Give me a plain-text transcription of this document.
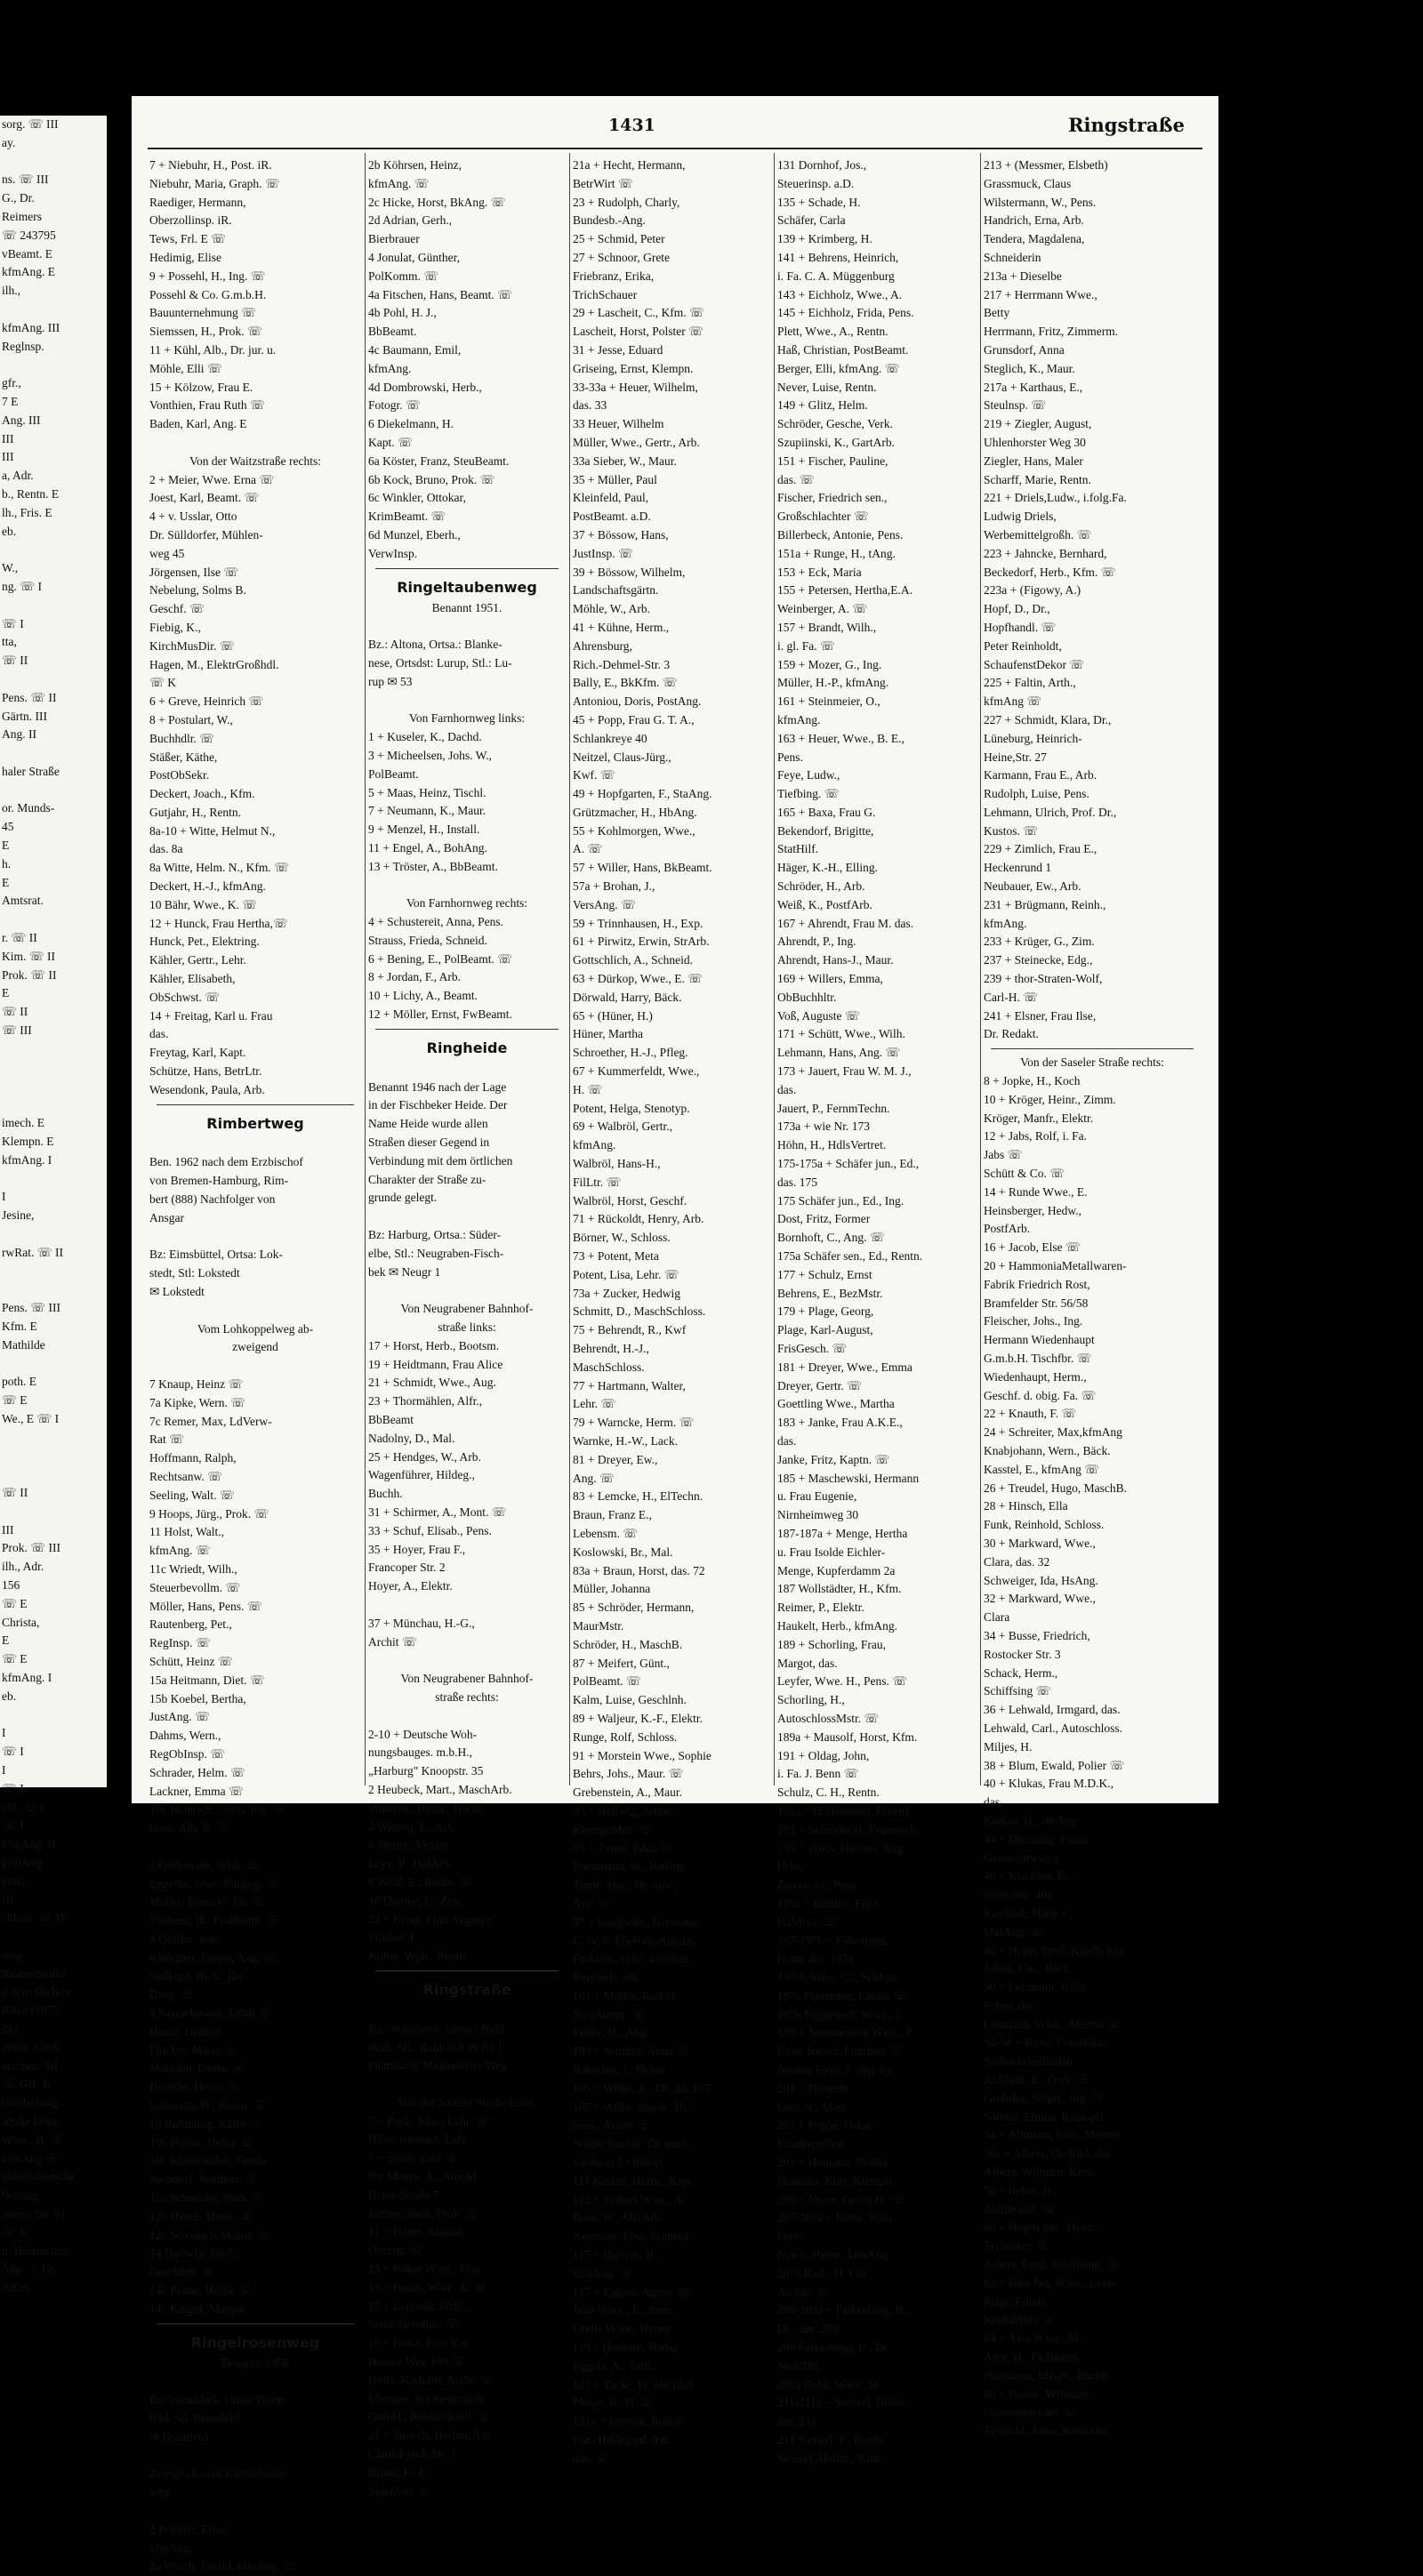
sorg. ☏ III
ay.

ns. ☏ III
G., Dr.
Reimers
☏ 243795
vBeamt. E
kfmAng. E
ilh.,

kfmAng. III
Reglnsp.

gfr.,
7 E
Ang. III
III
III
a, Adr.
b., Rentn. E
lh., Fris. E
eb.

W.,
ng. ☏ I

☏ I
tta,
☏ II

Pens. ☏ II
Gärtn. III
Ang. II

haler Straße

or. Munds-
45
E
h.
E
Amtsrat.

r. ☏ II
Kim. ☏ II
Prok. ☏ II
E
☏ II
☏ III

imech. E
Klempn. E
kfmAng. I

I
Jesine,

rwRat. ☏ II

Pens. ☏ III
Kfm. E
Mathilde

poth. E
☏ E
We., E ☏ I

☏ II

III
Prok. ☏ III
ilh., Adr.
156
☏ E
Christa,
E
☏ E
kfmAng. I
eb.

I
☏ I
I
☏ I
aD. ☏ I
☏ I
kfmAng. II
kfmAng.
phil.,
III
chloss. ☏ IV

weg
Raabe-Straße
n dem Dichter
Rilke (1875
26).
rtsdst: Groß-
arschen, Stl.:
☏ Gfl. 1.
illenhölweg
straße links:
Wwe., B. ☏
kfmAng ☏
ahnöfsdeutsche
beitung
ssener Str. 91
☏ E
u. Helene,das.
Johs., i. Fa.
itztler
1431	Ringstraße
7 + Niebuhr, H., Post. iR.
Niebuhr, Maria, Graph. ☏
Raediger, Hermann,
Oberzollinsp. iR.
Tews, Frl. E ☏
Hedimig, Elise
9 + Possehl, H., Ing. ☏
Possehl & Co. G.m.b.H.
Bauunternehmung ☏
Siemssen, H., Prok. ☏
11 + Kühl, Alb., Dr. jur. u.
Möhle, Elli ☏
15 + Kölzow, Frau E.
Vonthien, Frau Ruth ☏
Baden, Karl, Ang. E

Von der Waitzstraße rechts:
2 + Meier, Wwe. Erna ☏
Joest, Karl, Beamt. ☏
4 + v. Usslar, Otto
Dr. Sülldorfer, Mühlen-
weg 45
Jörgensen, Ilse ☏
Nebelung, Solms B.
Geschf. ☏
Fiebig, K.,
KirchMusDir. ☏
Hagen, M., ElektrGroßhdl.
☏ K
6 + Greve, Heinrich ☏
8 + Postulart, W.,
Buchhdlr. ☏
Stäßer, Käthe,
PostObSekr.
Deckert, Joach., Kfm.
Gutjahr, H., Rentn.
8a-10 + Witte, Helmut N.,
das. 8a
8a Witte, Helm. N., Kfm. ☏
Deckert, H.-J., kfmAng.
10 Bähr, Wwe., K. ☏
12 + Hunck, Frau Hertha,☏
Hunck, Pet., Elektring.
Kähler, Gertr., Lehr.
Kähler, Elisabeth,
ObSchwst. ☏
14 + Freitag, Karl u. Frau
das.
Freytag, Karl, Kapt.
Schütze, Hans, BetrLtr.
Wesendonk, Paula, Arb.
Rimbertweg

Ben. 1962 nach dem Erzbischof
von Bremen-Hamburg, Rim-
bert (888) Nachfolger von
Ansgar

Bz: Eimsbüttel, Ortsa: Lok-
stedt, Stl: Lokstedt
✉ Lokstedt

Vom Lohkoppelweg ab-
zweigend

7 Knaup, Heinz ☏
7a Kipke, Wern. ☏
7c Remer, Max, LdVerw-
Rat ☏
Hoffmann, Ralph,
Rechtsanw. ☏
Seeling, Walt. ☏
9 Hoops, Jürg., Prok. ☏
11 Holst, Walt.,
kfmAng. ☏
11c Wriedt, Wilh.,
Steuerbevollm. ☏
Möller, Hans, Pens. ☏
Rautenberg, Pet.,
RegInsp. ☏
Schütt, Heinz ☏
15a Heitmann, Diet. ☏
15b Koebel, Bertha,
JustAng. ☏
Dahms, Wern.,
RegObInsp. ☏
Schrader, Helm. ☏
Lackner, Emma ☏
15c Heinrich, Conr., Ing. ☏
Gass, Alb. B. ☏

2 Godemann, Wilh. ☏
Engelke, Uwe, BauIng. ☏
Müller, Franz C. Th. ☏
Vietheer, H., PolBeamt. ☏
4 Geisler, Jens
6 Wagner, Eugen, Ang. ☏
Seilkopf, Rich., jun.,
Drog. ☏
8 Kretschmann, Edith ☏
Heuer, Gertrud
Flucker, Maria ☏
Malzahn, Emma ☏
Herrche, Heino ☏
Laumann, H., Rentn. ☏
10 Rühmling, Käthe ☏
10b Paulss, Heinz ☏
10c Kleinsteuber, Gerda
Neindorf, Waldem. ☏
12a Schneider, Rudi ☏
12b Hesch, Heinr. ☏
12c Schadach, Walter ☏
14 Hartwig, Ferd.,
Geschlnh. ☏
14a Brüne, Helga ☏
14c Krügel, Margot
Ringelrosenweg
Benannt 1958

Bz: Wandsbek, Ortsa: Bram-
feld, Stl: Bramfeld
✉ Bramfeld

Zweigt ab vom Kletterrosen-
weg

2 Petereit, Ernst,
kfmAng.
2a Wiech, Ewald, kfmAng. ☏
2b Köhrsen, Heinz,
kfmAng. ☏
2c Hicke, Horst, BkAng. ☏
2d Adrian, Gerh.,
Bierbrauer
4 Jonulat, Günther,
PolKomm. ☏
4a Fitschen, Hans, Beamt. ☏
4b Pohl, H. J.,
BbBeamt.
4c Baumann, Emil,
kfmAng.
4d Dombrowski, Herb.,
Fotogr. ☏
6 Diekelmann, H.
Kapt. ☏
6a Köster, Franz, SteuBeamt.
6b Kock, Bruno, Prok. ☏
6c Winkler, Ottokar,
KrimBeamt. ☏
6d Munzel, Eberh.,
VerwInsp.
Ringeltaubenweg
Benannt 1951.

Bz.: Altona, Ortsa.: Blanke-
nese, Ortsdst: Lurup, Stl.: Lu-
rup ✉ 53

Von Farnhornweg links:
1 + Kuseler, K., Dachd.
3 + Micheelsen, Johs. W.,
PolBeamt.
5 + Maas, Heinz, Tischl.
7 + Neumann, K., Maur.
9 + Menzel, H., Install.
11 + Engel, A., BohAng.
13 + Tröster, A., BbBeamt.

Von Farnhornweg rechts:
4 + Schustereit, Anna, Pens.
Strauss, Frieda, Schneid.
6 + Bening, E., PolBeamt. ☏
8 + Jordan, F., Arb.
10 + Lichy, A., Beamt.
12 + Möller, Ernst, FwBeamt.
Ringheide

Benannt 1946 nach der Lage
in der Fischbeker Heide. Der
Name Heide wurde allen
Straßen dieser Gegend in
Verbindung mit dem örtlichen
Charakter der Straße zu-
grunde gelegt.

Bz: Harburg, Ortsa.: Süder-
elbe, Stl.: Neugraben-Fisch-
bek ✉ Neugr 1

Von Neugrabener Bahnhof-
straße links:
17 + Horst, Herb., Bootsm.
19 + Heidtmann, Frau Alice
21 + Schmidt, Wwe., Aug.
23 + Thormählen, Alfr.,
BbBeamt
Nadolny, D., Mal.
25 + Hendges, W., Arb.
Wagenführer, Hildeg.,
Buchh.
31 + Schirmer, A., Mont. ☏
33 + Schuf, Elisab., Pens.
35 + Hoyer, Frau F.,
Francoper Str. 2
Hoyer, A., Elektr.

37 + Münchau, H.-G.,
Archit ☏

Von Neugrabener Bahnhof-
straße rechts:

2-10 + Deutsche Woh-
nungsbauges. m.b.H.,
„Harburg" Knoopstr. 35
2 Heubeck, Mart., MaschArb.
Wustrow, Heinz, Tischl.
4 Wittern, E., Arb.
6 Stelter, Aloisia
Leye, P., HafArb.
8 Weiß, E., Rentn. ☏
10 Damke, E., Zim.
32 + Krotz, Frau Auguste,
Witthof 4
Köller, Wilh., Rentn.
Ringstraße

Bz.: Wandsbek, Ortsa.: Rahl-
stedt, Stl.: Rahlstedt ✉ Ra 1
Planskizze Meiendorfer Weg

Von der Saseler Straße links:
5 + Puck, Johs., Lehr. ☏
Hilse, Irmtraut, Lehr
7 + Stove, Carl ☏
9 + Menze, A., Arnold-
Heise-Straße 7
Bittner, Ruth, Prok. ☏
11 + Peters, August,
Oberstr. 62
13 + Büker Wwe., Elsa
15 + Bruns, Wwe. A. ☏
17 + Legrand, Wilh.,
Steuerbevollm. ☏
19 + Holtz, Frau Ilse
Horner Weg 199 ☏
Holtz, Karlotto, Archt. ☏
Übersee- & Orienttabak,
GmbH., Rohtabakhdl. ☏
21 + Jänisch, Hertha, Adr.
Claus-Ferck-Str. 1
Bruns, K.-E.,
Syndikus ☏
21a + Hecht, Hermann,
BetrWirt ☏
23 + Rudolph, Charly,
Bundesb.-Ang.
25 + Schmid, Peter
27 + Schnoor, Grete
Friebranz, Erika,
TrichSchauer
29 + Lascheit, C., Kfm. ☏
Lascheit, Horst, Polster ☏
31 + Jesse, Eduard
Griseing, Ernst, Klempn.
33-33a + Heuer, Wilhelm,
das. 33
33 Heuer, Wilhelm
Müller, Wwe., Gertr., Arb.
33a Sieber, W., Maur.
35 + Müller, Paul
Kleinfeld, Paul,
PostBeamt. a.D.
37 + Bössow, Hans,
JustInsp. ☏
39 + Bössow, Wilhelm,
Landschaftsgärtn.
Möhle, W., Arb.
41 + Kühne, Herm.,
Ahrensburg,
Rich.-Dehmel-Str. 3
Bally, E., BkKfm. ☏
Antoniou, Doris, PostAng.
45 + Popp, Frau G. T. A.,
Schlankreye 40
Neitzel, Claus-Jürg.,
Kwf. ☏
49 + Hopfgarten, F., StaAng.
Grützmacher, H., HbAng.
55 + Kohlmorgen, Wwe.,
A. ☏
57 + Willer, Hans, BkBeamt.
57a + Brohan, J.,
VersAng. ☏
59 + Trinnhausen, H., Exp.
61 + Pirwitz, Erwin, StrArb.
Gottschlich, A., Schneid.
63 + Dürkop, Wwe., E. ☏
Dörwald, Harry, Bäck.
65 + (Hüner, H.)
Hüner, Martha
Schroether, H.-J., Pfleg.
67 + Kummerfeldt, Wwe.,
H. ☏
Potent, Helga, Stenotyp.
69 + Walbröl, Gertr.,
kfmAng.
Walbröl, Hans-H.,
FilLtr. ☏
Walbröl, Horst, Geschf.
71 + Rückoldt, Henry, Arb.
Börner, W., Schloss.
73 + Potent, Meta
Potent, Lisa, Lehr. ☏
73a + Zucker, Hedwig
Schmitt, D., MaschSchloss.
75 + Behrendt, R., Kwf
Behrendt, H.-J.,
MaschSchloss.
77 + Hartmann, Walter,
Lehr. ☏
79 + Warncke, Herm. ☏
Warnke, H.-W., Lack.
81 + Dreyer, Ew.,
Ang. ☏
83 + Lemcke, H., ElTechn.
Braun, Franz E.,
Lebensm. ☏
Koslowski, Br., Mal.
83a + Braun, Horst, das. 72
Müller, Johanna
85 + Schröder, Hermann,
MaurMstr.
Schröder, H., MaschB.
87 + Meifert, Günt.,
PolBeamt. ☏
Kalm, Luise, Geschlnh.
89 + Waljeur, K.-F., Elektr.
Runge, Rolf, Schloss.
91 + Morstein Wwe., Sophie
Behrs, Johs., Maur. ☏
Grebenstein, A., Maur.
93 + Hellwig, Arthur,
KlempnMstr. ☏
95 + Timm, Edda ☏
Bachmann, W., BauIng.
Timm, Har., Dr. med.,
Arzt ☏
97 + Langheim, Hermann,
C. W. u. Ehefrau, Adr.das
Facklam, Fritz, kfmAng.
Pospiech, Ida
101 + Möller, Rudolf,
SteuAmtm. ☏
Fedke, H., Ang.
103 + Schulze, Anna ☏
Bakschis, J., Dekor.
105 + Wilke, R., Dr.,das.107
107 + Wilke, Ingeb., Dr.
med., Ärztin ☏
Wilde, Rudolf, Dr. med.,
Facharzt f. Orthop.
111 Kasten, Herm., Kapt.
113 + Seibert Wwe., A.
Boos, W., MetArb.
Neimann, Elsa, Schneid.
115 + Drewes, R.,
kfmAng. ☏
117 + Eggers, Agnes ☏
Jahn Wwe., E., Pens.
Grelle Wwe., Henny
119 + (Isebarn, Hans)
Eggers, A., Sattl.
121 + Tacke, Fr. Nachlaß
Plöger, K.-H. ☏
131a + Imbeck, Rolf u.
Frau Hildegard, Adr.
das. ☏
131 Dornhof, Jos.,
Steuerinsp. a.D.
135 + Schade, H.
Schäfer, Carla
139 + Krimberg, H.
141 + Behrens, Heinrich,
i. Fa. C. A. Müggenburg
143 + Eichholz, Wwe., A.
145 + Eichholz, Frida, Pens.
Plett, Wwe., A., Rentn.
Haß, Christian, PostBeamt.
Berger, Elli, kfmAng. ☏
Never, Luise, Rentn.
149 + Glitz, Helm.
Schröder, Gesche, Verk.
Szupiinski, K., GartArb.
151 + Fischer, Pauline,
das. ☏
Fischer, Friedrich sen.,
Großschlachter ☏
Billerbeck, Antonie, Pens.
151a + Runge, H., tAng.
153 + Eck, Maria
155 + Petersen, Hertha,E.A.
Weinberger, A. ☏
157 + Brandt, Wilh.,
i. gl. Fa. ☏
159 + Mozer, G., Ing.
Müller, H.-P., kfmAng.
161 + Steinmeier, O.,
kfmAng.
163 + Heuer, Wwe., B. E.,
Pens.
Feye, Ludw.,
Tiefbing. ☏
165 + Baxa, Frau G.
Bekendorf, Brigitte,
StatHilf.
Häger, K.-H., Elling.
Schröder, H., Arb.
Weiß, K., PostfArb.
167 + Ahrendt, Frau M. das.
Ahrendt, P., Ing.
Ahrendt, Hans-J., Maur.
169 + Willers, Emma,
ObBuchhltr.
Voß, Auguste ☏
171 + Schütt, Wwe., Wilh.
Lehmann, Hans, Ang. ☏
173 + Jauert, Frau W. M. J.,
das.
Jauert, P., FernmTechn.
173a + wie Nr. 173
Höhn, H., HdlsVertret.
175-175a + Schäfer jun., Ed.,
das. 175
175 Schäfer jun., Ed., Ing.
Dost, Fritz, Former
Bornhoft, C., Ang. ☏
175a Schäfer sen., Ed., Rentn.
177 + Schulz, Ernst
Behrens, E., BezMstr.
179 + Plage, Georg,
Plage, Karl-August,
FrisGesch. ☏
181 + Dreyer, Wwe., Emma
Dreyer, Gertr. ☏
Goettling Wwe., Martha
183 + Janke, Frau A.K.E.,
das.
Janke, Fritz, Kaptn. ☏
185 + Maschewski, Hermann
u. Frau Eugenie,
Nirnheimweg 30
187-187a + Menge, Hertha
u. Frau Isolde Eichler-
Menge, Kupferdamm 2a
187 Wollstädter, H., Kfm.
Reimer, P., Elektr.
Haukelt, Herb., kfmAng.
189 + Schorling, Frau,
Margot, das.
Leyfer, Wwe. H., Pens. ☏
Schorling, H.,
AutoschlossMstr. ☏
189a + Mausolf, Horst, Kfm.
191 + Oldag, John,
i. Fa. J. Benn ☏
Schulz, C. H., Rentn.
191a + (Eldermann, Erben)
193 + Schröder,H.,Feinmech.
195 + Prüss, Herbert, Ang.
Hths.
Zumm, G., Pens.
195a + Büttner, Fritz,
HzMont. ☏
197-197b + Fehrmann,
Hans, das. 197a
197 Schäfer, Cl., Schloss.
197a Fehrmann, Emma ☏
197b Eggerstedt, Wwe., L.
199 + Nommensen Wwe., P.
Ejner Jensen, Fuhrbetr ☏
Jensen, Ejner, i. obg. Fa.
201 + Dieselbe
Otto, A., Maur.
201 + Poppe, Oskar,
Krankenpfleg.
203 + Homann, Bertha
Homann, Kurt, Klempn.
205 + Meier, Georg H. ☏
207-207a + Horst, Wilh.,
Dreh.
Nawo, Heinr., kfmAng.
207a Raab, H. Chr.,
Archit. ☏
209-209a + Falkenberg, B.,
Dr., das. 209
209 Falkenberg, B., Dr.,
VerwDir.
209a Behn, Wwe., W.
211-211a + Stenzel, Helm.,
das. 211
211 Stenzel, F., Rentn.
Stenzel, Hellm., Kfm.
213 + (Messmer, Elsbeth)
Grassmuck, Claus
Wilstermann, W., Pens.
Handrich, Erna, Arb.
Tendera, Magdalena,
Schneiderin
213a + Dieselbe
217 + Herrmann Wwe.,
Betty
Herrmann, Fritz, Zimmerm.
Grunsdorf, Anna
Steglich, K., Maur.
217a + Karthaus, E.,
Steulnsp. ☏
219 + Ziegler, August,
Uhlenhorster Weg 30
Ziegler, Hans, Maler
Scharff, Marie, Rentn.
221 + Driels,Ludw., i.folg.Fa.
Ludwig Driels,
Werbemittelgroßh. ☏
223 + Jahncke, Bernhard,
Beckedorf, Herb., Kfm. ☏
223a + (Figowy, A.)
Hopf, D., Dr.,
Hopfhandl. ☏
Peter Reinholdt,
SchaufenstDekor ☏
225 + Faltin, Arth.,
kfmAng ☏
227 + Schmidt, Klara, Dr.,
Lüneburg, Heinrich-
Heine,Str. 27
Karmann, Frau E., Arb.
Rudolph, Luise, Pens.
Lehmann, Ulrich, Prof. Dr.,
Kustos. ☏
229 + Zimlich, Frau E.,
Heckenrund 1
Neubauer, Ew., Arb.
231 + Brügmann, Reinh.,
kfmAng.
233 + Krüger, G., Zim.
237 + Steinecke, Edg.,
239 + thor-Straten-Wolf,
Carl-H. ☏
241 + Elsner, Frau Ilse,
Dr. Redakt.
Von der Saseler Straße rechts:
8 + Jopke, H., Koch
10 + Kröger, Heinr., Zimm.
Kröger, Manfr., Elektr.
12 + Jabs, Rolf, i. Fa.
Jabs ☏
Schütt & Co. ☏
14 + Runde Wwe., E.
Heinsberger, Hedw.,
PostfArb.
16 + Jacob, Else ☏
20 + HammoniaMetallwaren-
Fabrik Friedrich Rost,
Bramfelder Str. 56/58
Fleischer, Johs., Ing.
Hermann Wiedenhaupt
G.m.b.H. Tischfbr. ☏
Wiedenhaupt, Herm.,
Geschf. d. obig. Fa. ☏
22 + Knauth, F. ☏
24 + Schreiter, Max,kfmAng
Knabjohann, Wern., Bäck.
Kasstel, E., kfmAng ☏
26 + Treudel, Hugo, MaschB.
28 + Hinsch, Ella
Funk, Reinhold, Schloss.
30 + Markward, Wwe.,
Clara, das. 32
Schweiger, Ida, HsAng.
32 + Markward, Wwe.,
Clara
34 + Busse, Friedrich,
Rostocker Str. 3
Schack, Herm.,
Schiffsing ☏
36 + Lehwald, Irmgard, das.
Lehwald, Carl., Autoschloss.
Miljes, H.
38 + Blum, Ewald, Polier ☏
40 + Klukas, Frau M.D.K.,
das.
Klukas, H., HbAng.
44 + Duensing, Paula,
Gemischtwaren
46 + Kischkat, Fr.,
Sierichstr. 40a
Kischkat, Hans-J.,
kfmAng. ☏
48 + Hopp, Emil, KupfSchm.
Jöhnk, Chr., Bäck.
50 + Lehmann, Willy,
Erben, das.
Lehmann, Wwe., Martha ☏
52-54 + Biebl, Franziska,
SasbachriedBaden
52 Diehl, E., Prok. ☏
Gruhnke, Siegfr., Ing. ☏
Söllner, Emma, Raumpfl.
54 + Altmann, Fritz, Maurer
56a + Albers, Gertrud, das.
Albers, Wilhelm, Kfm.
56 + Reher, H.,
ZollBeamt. ☏
60 + Hagen jun., Heinr.,
Techniker ☏
Ahlers, Emil, Schiffsing. ☏
62 + Böttcher, Wwe., Luise
Ruge, Friedr.,
KraftdrBes. ☏
64 + Alex Wwe., M.
Alex, H., FwBeamt.
Hartmann, Elisab., Buchh.
66 + Rohde, Wilhelm,
Graveurmeister ☏
Tensfeld, Anna, Kontorist.
